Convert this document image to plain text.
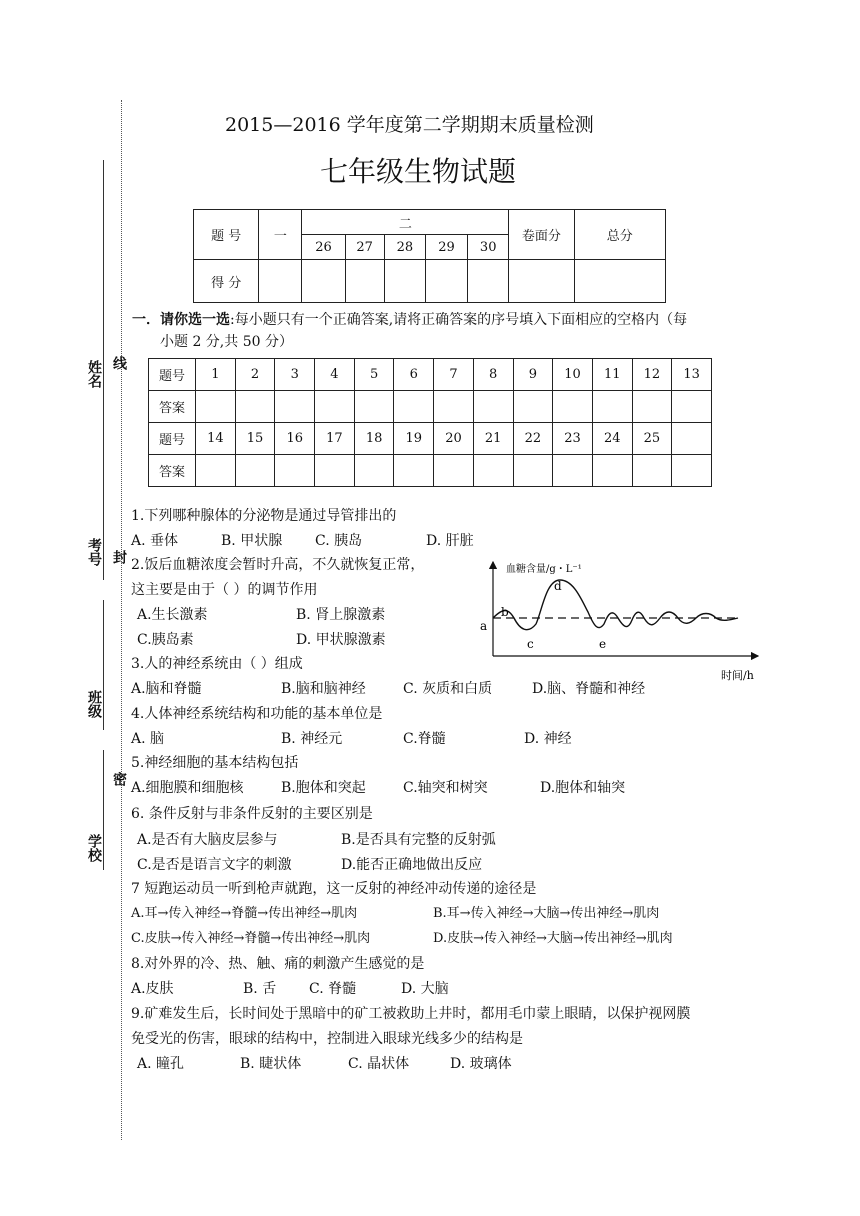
姓名 线
考号 封
班级
密
学校
2015—2016 学年度第二学期期末质量检测
七年级生物试题
题 号	一	二					卷面分	总分
		26	27	28	29	30		
得 分								
一．请你选一选:每小题只有一个正确答案,请将正确答案的序号填入下面相应的空格内（每
小题 2 分,共 50 分）
题号	1	2	3	4	5	6	7	8	9	10	11	12	13
答案													
题号	14	15	16	17	18	19	20	21	22	23	24	25	
答案													
1.下列哪种腺体的分泌物是通过导管排出的
A. 垂体	B. 甲状腺 C. 胰岛	D. 肝脏
2.饭后血糖浓度会暂时升高，不久就恢复正常，
这主要是由于（ ）的调节作用
A.生长激素	B. 肾上腺激素
C.胰岛素	D. 甲状腺激素
a
b
c
d
e
血糖含量/g・L⁻¹
时间/h
3.人的神经系统由（ ）组成
A.脑和脊髓	B.脑和脑神经	C. 灰质和白质	D.脑、脊髓和神经
4.人体神经系统结构和功能的基本单位是
A. 脑	B. 神经元	C.脊髓	D. 神经
5.神经细胞的基本结构包括
A.细胞膜和细胞核	B.胞体和突起	C.轴突和树突	D.胞体和轴突
6. 条件反射与非条件反射的主要区别是
A.是否有大脑皮层参与	B.是否具有完整的反射弧
C.是否是语言文字的刺激	D.能否正确地做出反应
7 短跑运动员一听到枪声就跑，这一反射的神经冲动传递的途径是
A.耳→传入神经→脊髓→传出神经→肌肉	B.耳→传入神经→大脑→传出神经→肌肉
C.皮肤→传入神经→脊髓→传出神经→肌肉	D.皮肤→传入神经→大脑→传出神经→肌肉
8.对外界的冷、热、触、痛的刺激产生感觉的是
A.皮肤	B. 舌 C. 脊髓	D. 大脑
9.矿难发生后，长时间处于黑暗中的矿工被救助上井时，都用毛巾蒙上眼睛，以保护视网膜
免受光的伤害，眼球的结构中，控制进入眼球光线多少的结构是
A. 瞳孔	B. 睫状体	C. 晶状体	D. 玻璃体
